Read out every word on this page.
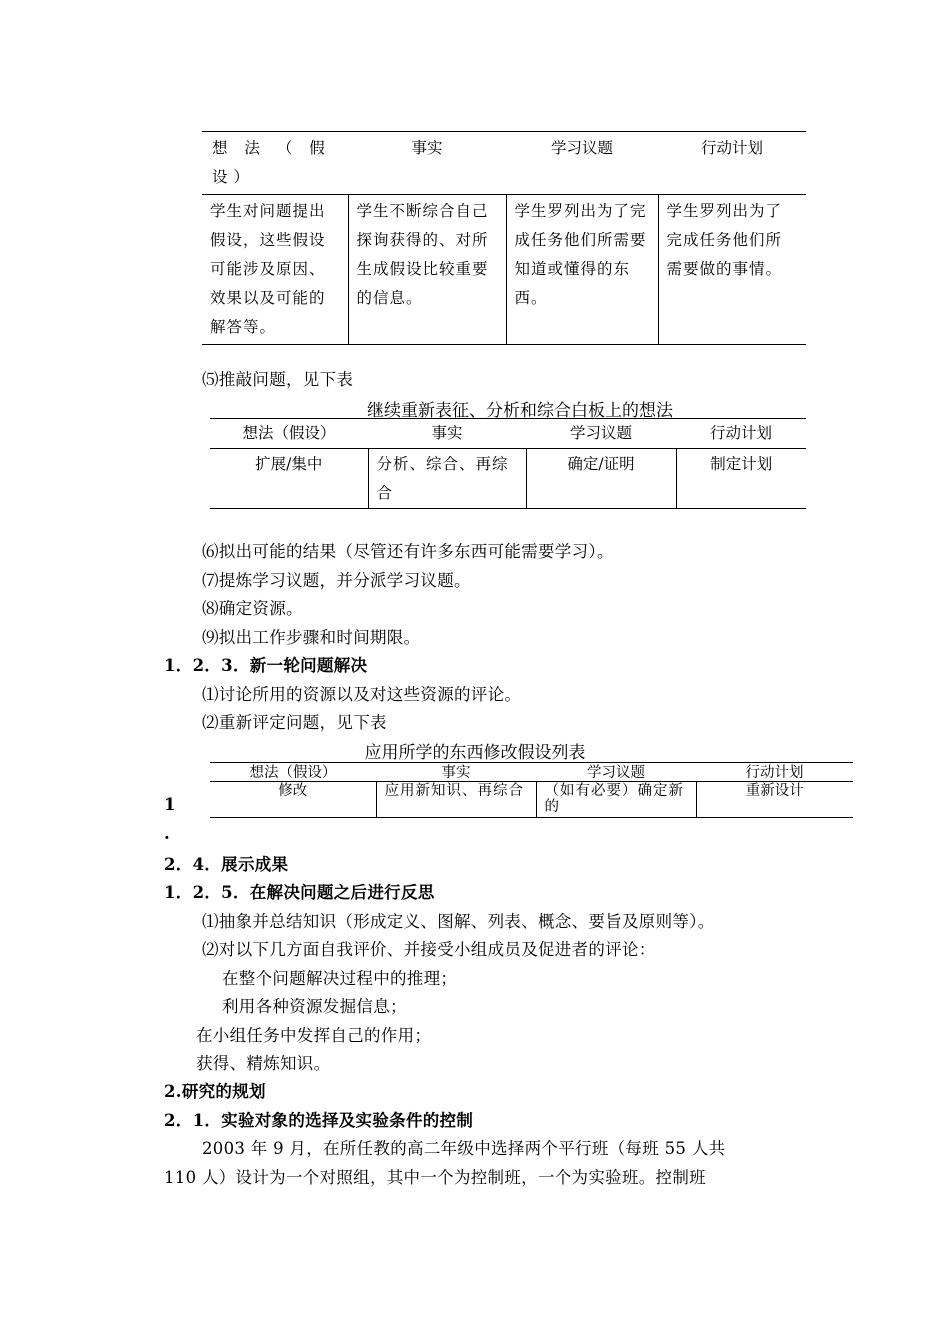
想 法 （ 假 设）	事实	学习议题	行动计划
学生对问题提出假设，这些假设可能涉及原因、效果以及可能的解答等。	学生不断综合自己探询获得的、对所生成假设比较重要的信息。	学生罗列出为了完成任务他们所需要知道或懂得的东西。	学生罗列出为了完成任务他们所需要做的事情。
⑸推敲问题，见下表
继续重新表征、分析和综合白板上的想法
想法（假设）	事实	学习议题	行动计划
扩展/集中	分析、综合、再综合	确定/证明	制定计划
⑹拟出可能的结果（尽管还有许多东西可能需要学习）。
⑺提炼学习议题，并分派学习议题。
⑻确定资源。
⑼拟出工作步骤和时间期限。
1．2．3．新一轮问题解决
⑴讨论所用的资源以及对这些资源的评论。
⑵重新评定问题，见下表
应用所学的东西修改假设列表
想法（假设）	事实	学习议题	行动计划
修改	应用新知识、再综合	（如有必要）确定新的	重新设计
1
.
2．4．展示成果
1．2．5．在解决问题之后进行反思
⑴抽象并总结知识（形成定义、图解、列表、概念、要旨及原则等）。
⑵对以下几方面自我评价、并接受小组成员及促进者的评论：
在整个问题解决过程中的推理；
利用各种资源发掘信息；
在小组任务中发挥自己的作用；
获得、精炼知识。
2.研究的规划
2．1．实验对象的选择及实验条件的控制
2003 年 9 月，在所任教的高二年级中选择两个平行班（每班 55 人共
110 人）设计为一个对照组，其中一个为控制班，一个为实验班。控制班
